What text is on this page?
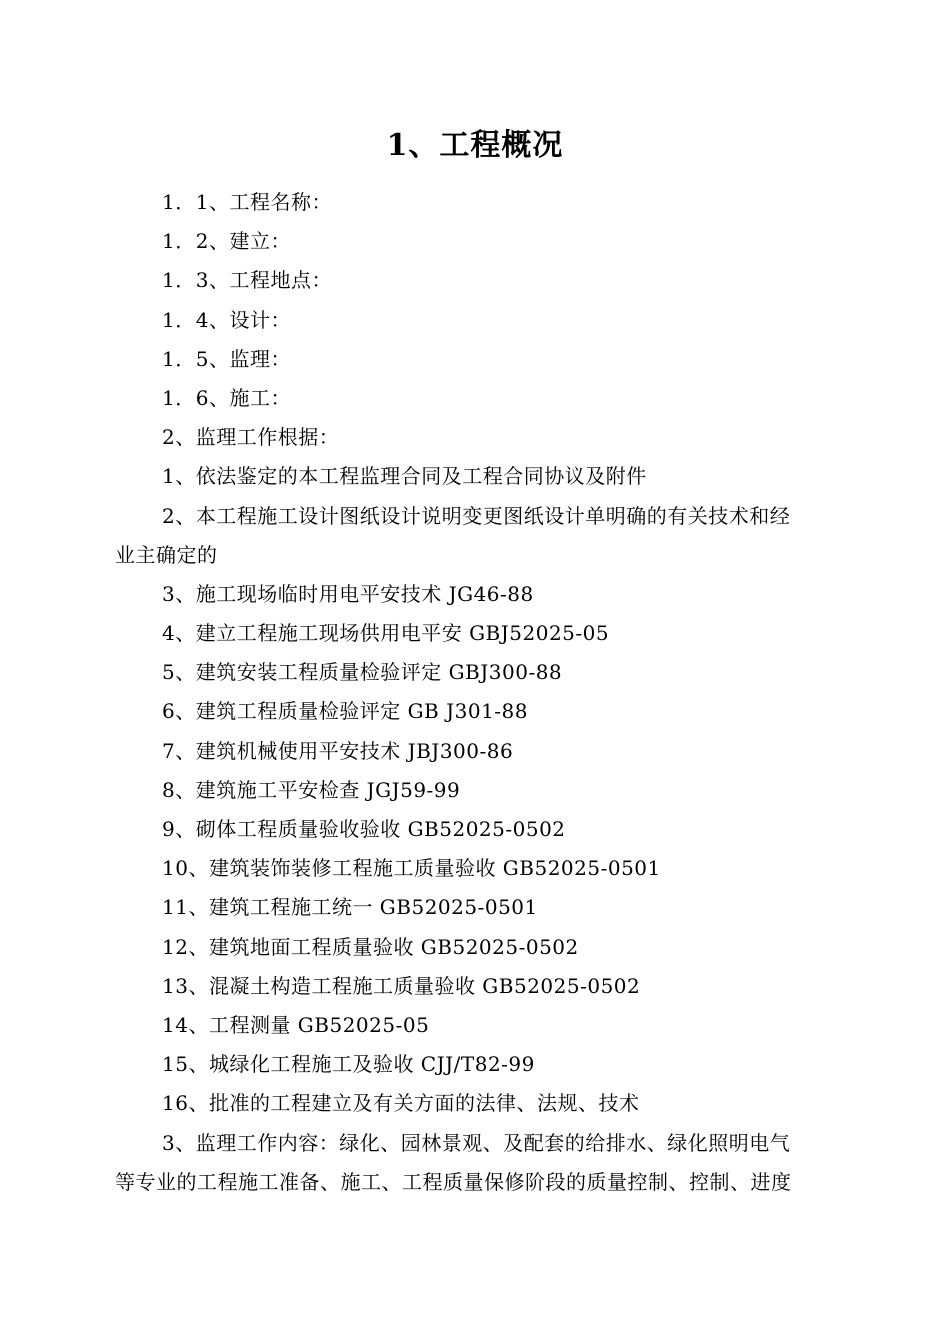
1、工程概况
1．1、工程名称：
1．2、建立：
1．3、工程地点：
1．4、设计：
1．5、监理：
1．6、施工：
2、监理工作根据：
1、依法鉴定的本工程监理合同及工程合同协议及附件
2、本工程施工设计图纸设计说明变更图纸设计单明确的有关技术和经
业主确定的
3、施工现场临时用电平安技术 JG46-88
4、建立工程施工现场供用电平安 GBJ52025-05
5、建筑安装工程质量检验评定 GBJ300-88
6、建筑工程质量检验评定 GB J301-88
7、建筑机械使用平安技术 JBJ300-86
8、建筑施工平安检查 JGJ59-99
9、砌体工程质量验收验收 GB52025-0502
10、建筑装饰装修工程施工质量验收 GB52025-0501
11、建筑工程施工统一 GB52025-0501
12、建筑地面工程质量验收 GB52025-0502
13、混凝土构造工程施工质量验收 GB52025-0502
14、工程测量 GB52025-05
15、城绿化工程施工及验收 CJJ/T82-99
16、批准的工程建立及有关方面的法律、法规、技术
3、监理工作内容：绿化、园林景观、及配套的给排水、绿化照明电气
等专业的工程施工准备、施工、工程质量保修阶段的质量控制、控制、进度
